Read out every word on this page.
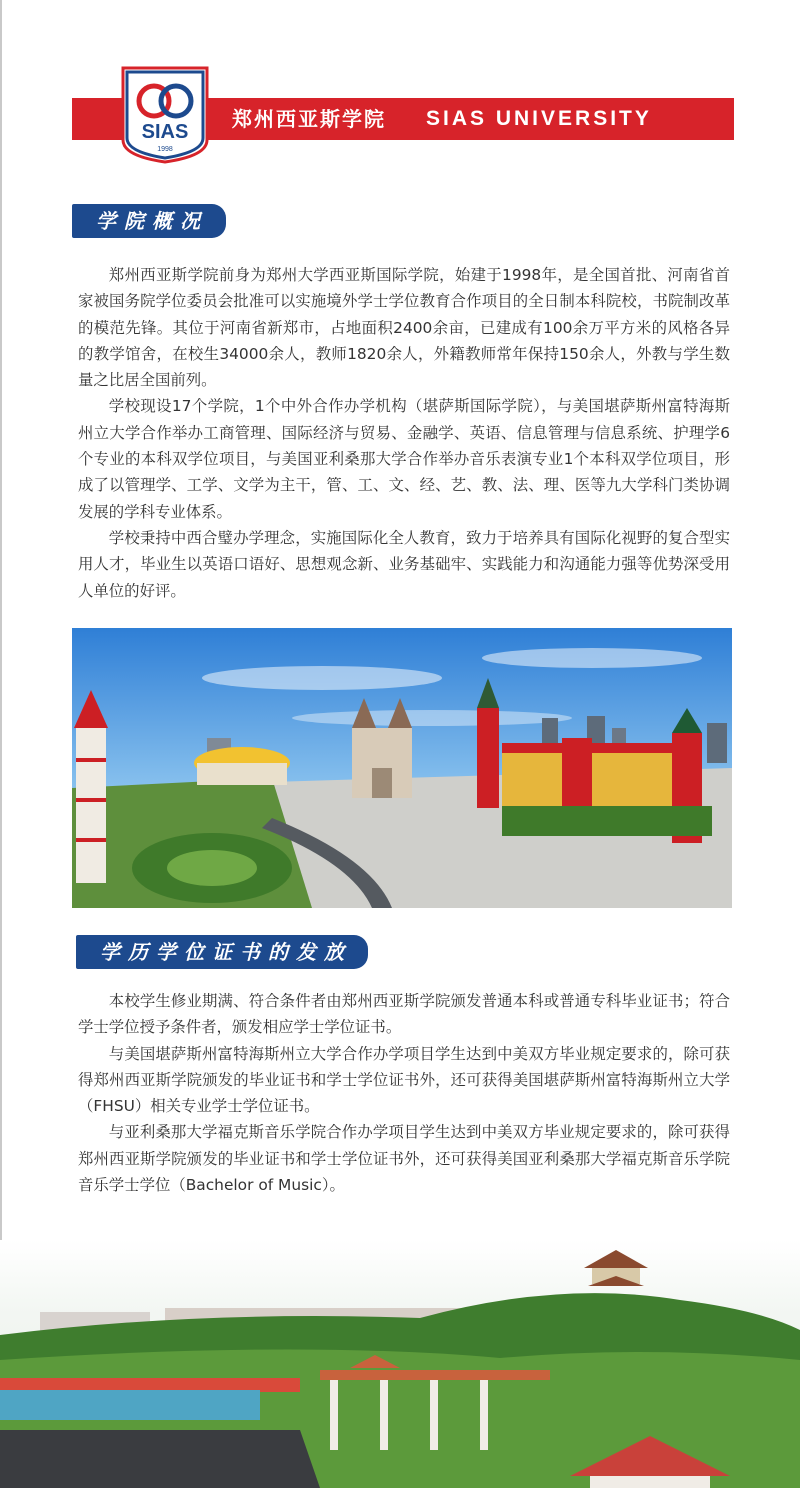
郑州西亚斯学院 SIAS UNIVERSITY
SIAS
1998
学院概况

郑州西亚斯学院前身为郑州大学西亚斯国际学院，始建于1998年，是全国首批、河南省首家被国务院学位委员会批准可以实施境外学士学位教育合作项目的全日制本科院校，书院制改革的模范先锋。其位于河南省新郑市，占地面积2400余亩，已建成有100余万平方米的风格各异的教学馆舍，在校生34000余人，教师1820余人，外籍教师常年保持150余人，外教与学生数量之比居全国前列。

学校现设17个学院，1个中外合作办学机构（堪萨斯国际学院），与美国堪萨斯州富特海斯州立大学合作举办工商管理、国际经济与贸易、金融学、英语、信息管理与信息系统、护理学6个专业的本科双学位项目，与美国亚利桑那大学合作举办音乐表演专业1个本科双学位项目，形成了以管理学、工学、文学为主干，管、工、文、经、艺、教、法、理、医等九大学科门类协调发展的学科专业体系。

学校秉持中西合璧办学理念，实施国际化全人教育，致力于培养具有国际化视野的复合型实用人才，毕业生以英语口语好、思想观念新、业务基础牢、实践能力和沟通能力强等优势深受用人单位的好评。

学历学位证书的发放

本校学生修业期满、符合条件者由郑州西亚斯学院颁发普通本科或普通专科毕业证书；符合学士学位授予条件者，颁发相应学士学位证书。

与美国堪萨斯州富特海斯州立大学合作办学项目学生达到中美双方毕业规定要求的，除可获得郑州西亚斯学院颁发的毕业证书和学士学位证书外，还可获得美国堪萨斯州富特海斯州立大学（FHSU）相关专业学士学位证书。

与亚利桑那大学福克斯音乐学院合作办学项目学生达到中美双方毕业规定要求的，除可获得郑州西亚斯学院颁发的毕业证书和学士学位证书外，还可获得美国亚利桑那大学福克斯音乐学院音乐学士学位（Bachelor of Music）。
